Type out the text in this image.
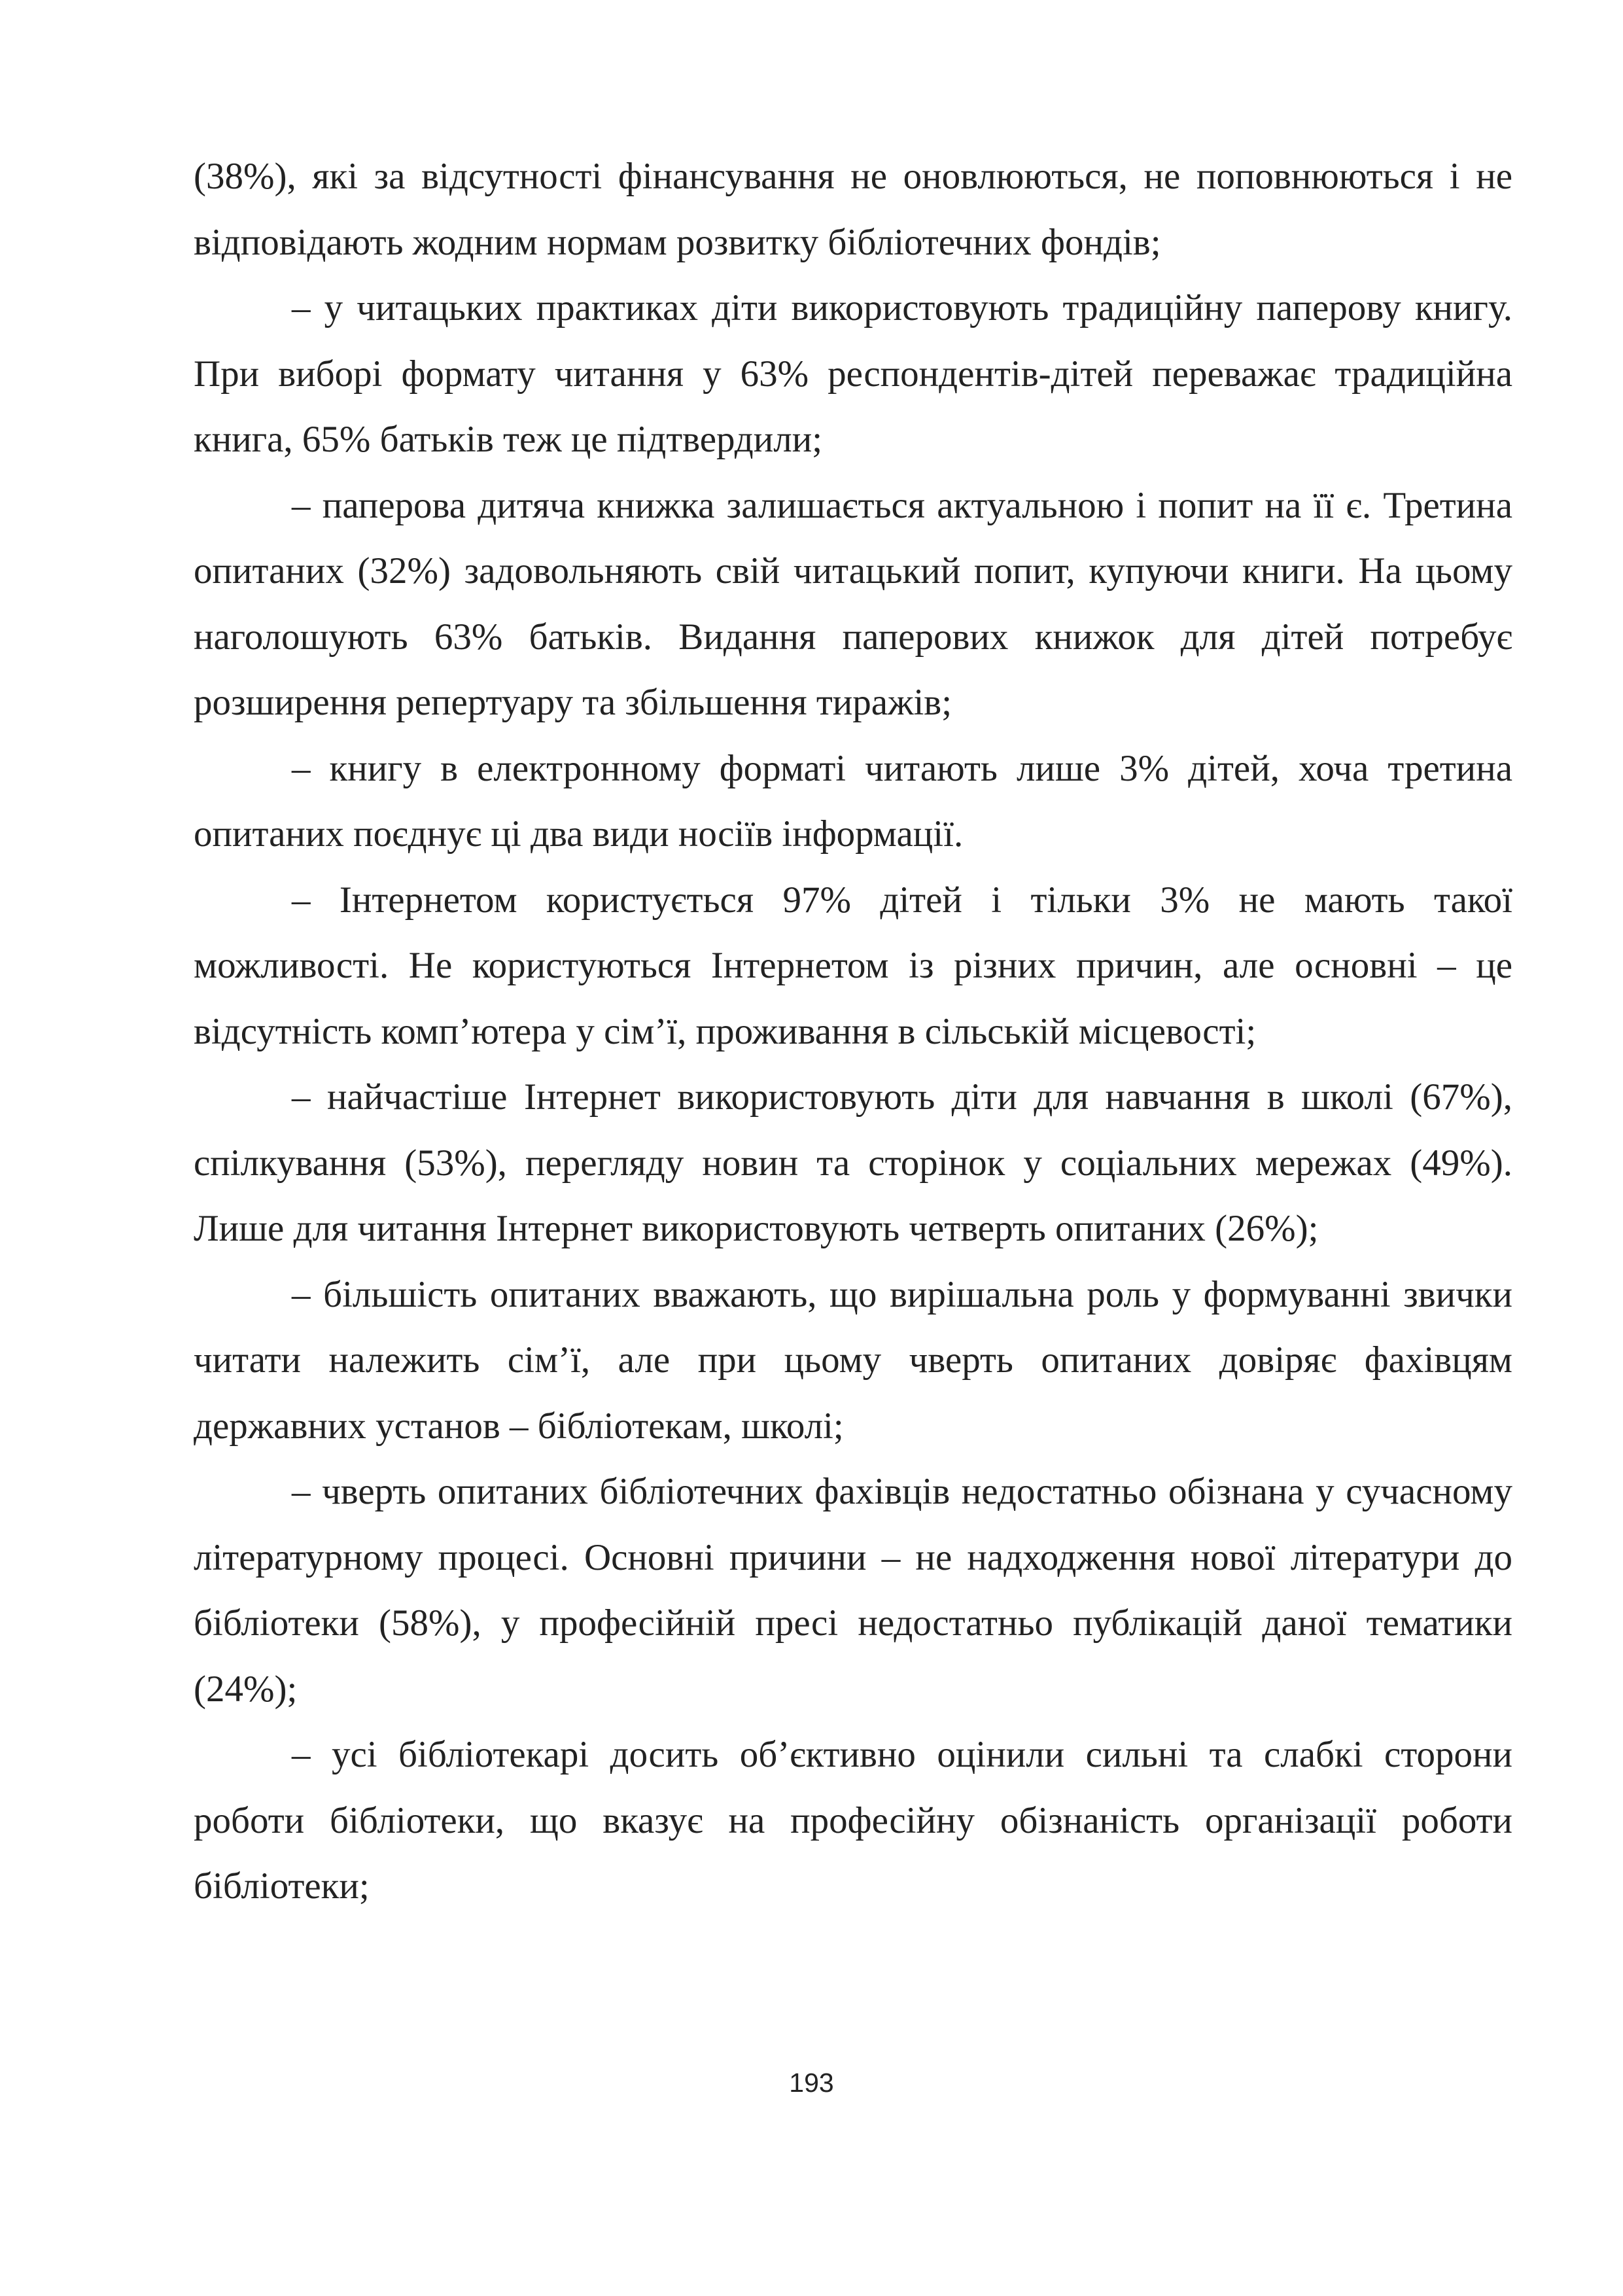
(38%), які за відсутності фінансування не оновлюються, не поповнюються і не відповідають жодним нормам розвитку бібліотечних фондів;

– у читацьких практиках діти використовують традиційну паперову книгу. При виборі формату читання у 63% респондентів-дітей переважає традиційна книга, 65% батьків теж це підтвердили;

– паперова дитяча книжка залишається актуальною і попит на її є. Третина опитаних (32%) задовольняють свій читацький попит, купуючи книги. На цьому наголошують 63% батьків. Видання паперових книжок для дітей потребує розширення репертуару та збільшення тиражів;

– книгу в електронному форматі читають лише 3% дітей, хоча третина опитаних поєднує ці два види носіїв інформації.

– Інтернетом користується 97% дітей і тільки 3% не мають такої можливості. Не користуються Інтернетом із різних причин, але основні – це відсутність комп’ютера у сім’ї, проживання в сільській місцевості;

– найчастіше Інтернет використовують діти для навчання в школі (67%), спілкування (53%), перегляду новин та сторінок у соціальних мережах (49%). Лише для читання Інтернет використовують четверть опитаних (26%);

– більшість опитаних вважають, що вирішальна роль у формуванні звички читати належить сім’ї, але при цьому чверть опитаних довіряє фахівцям державних установ – бібліотекам, школі;

– чверть опитаних бібліотечних фахівців недостатньо обізнана у сучасному літературному процесі. Основні причини – не надходження нової літератури до бібліотеки (58%), у професійній пресі недостатньо публікацій даної тематики (24%);

– усі бібліотекарі досить об’єктивно оцінили сильні та слабкі сторони роботи бібліотеки, що вказує на професійну обізнаність організації роботи бібліотеки;

193
